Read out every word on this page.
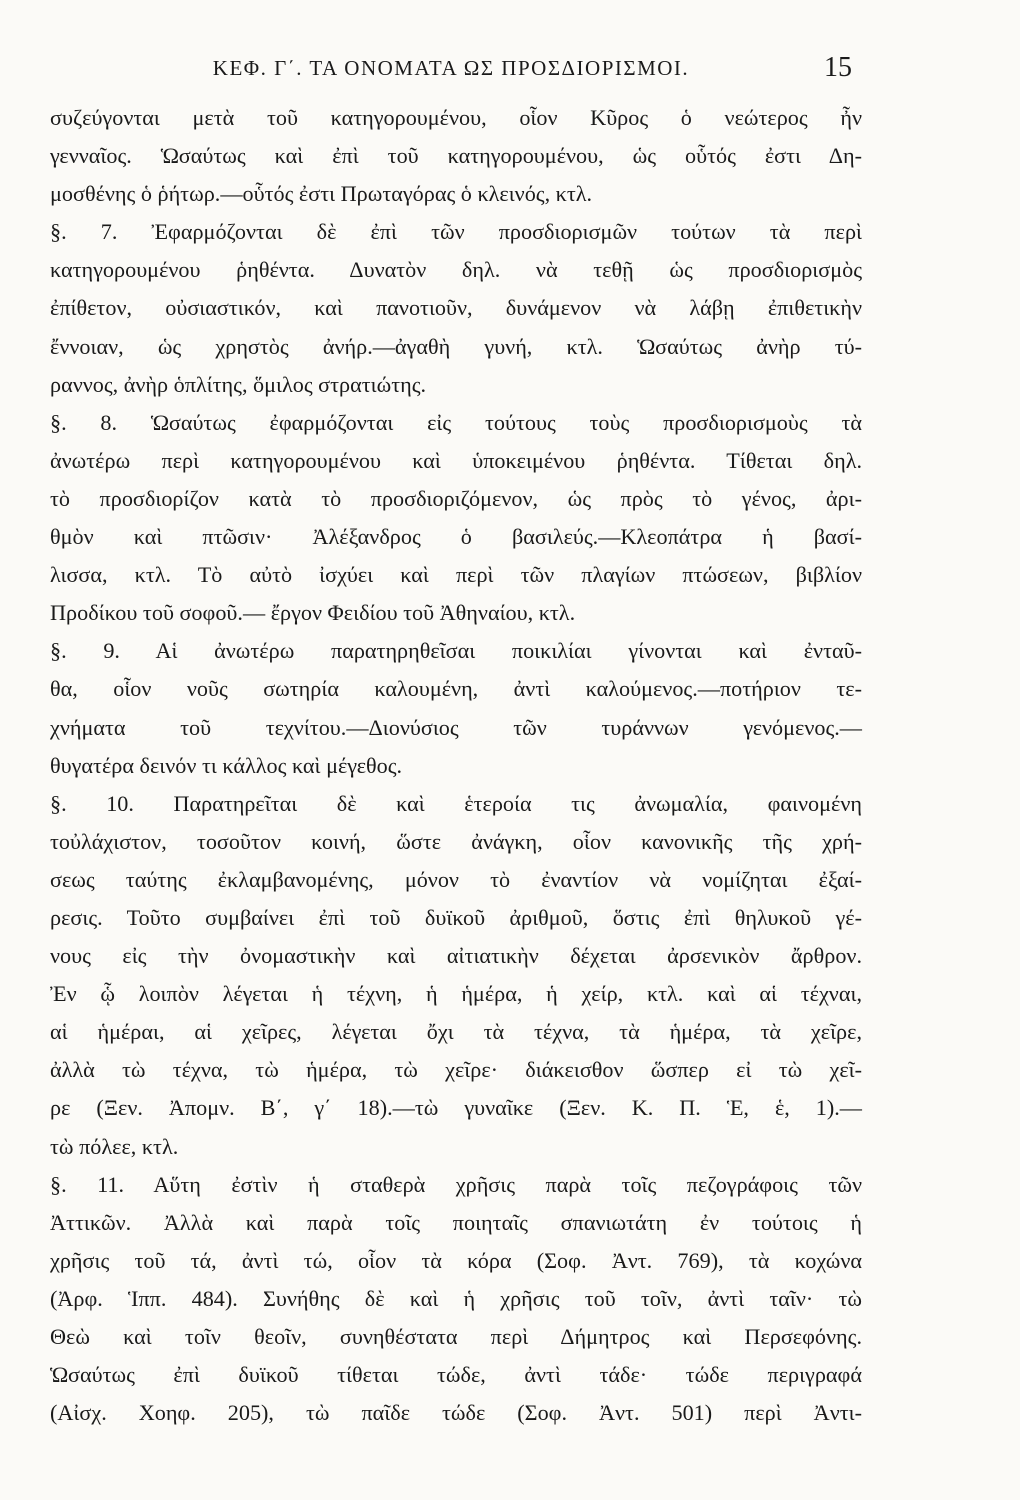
ΚΕΦ. Γ΄. ΤΑ ΟΝΟΜΑΤΑ ΩΣ ΠΡΟΣΔΙΟΡΙΣΜΟΙ.	15
συζεύγονται μετὰ τοῦ κατηγορουμένου, οἷον Κῦρος ὁ νεώτερος ἦν
γενναῖος. Ὡσαύτως καὶ ἐπὶ τοῦ κατηγορουμένου, ὡς οὗτός ἐστι Δη-
μοσθένης ὁ ῥήτωρ.—οὗτός ἐστι Πρωταγόρας ὁ κλεινός, κτλ.
§. 7. Ἐφαρμόζονται δὲ ἐπὶ τῶν προσδιορισμῶν τούτων τὰ περὶ
κατηγορουμένου ῥηθέντα. Δυνατὸν δηλ. νὰ τεθῇ ὡς προσδιορισμὸς
ἐπίθετον, οὐσιαστικόν, καὶ πανοτιοῦν, δυνάμενον νὰ λάβῃ ἐπιθετικὴν
ἔννοιαν, ὡς χρηστὸς ἀνήρ.—ἀγαθὴ γυνή, κτλ. Ὡσαύτως ἀνὴρ τύ-
ραννος, ἀνὴρ ὁπλίτης, ὅμιλος στρατιώτης.
§. 8. Ὡσαύτως ἐφαρμόζονται εἰς τούτους τοὺς προσδιορισμοὺς τὰ
ἀνωτέρω περὶ κατηγορουμένου καὶ ὑποκειμένου ῥηθέντα. Τίθεται δηλ.
τὸ προσδιορίζον κατὰ τὸ προσδιοριζόμενον, ὡς πρὸς τὸ γένος, ἀρι-
θμὸν καὶ πτῶσιν· Ἀλέξανδρος ὁ βασιλεύς.—Κλεοπάτρα ἡ βασί-
λισσα, κτλ. Τὸ αὐτὸ ἰσχύει καὶ περὶ τῶν πλαγίων πτώσεων, βιβλίον
Προδίκου τοῦ σοφοῦ.— ἔργον Φειδίου τοῦ Ἀθηναίου, κτλ.
§. 9. Αἱ ἀνωτέρω παρατηρηθεῖσαι ποικιλίαι γίνονται καὶ ἐνταῦ-
θα, οἷον νοῦς σωτηρία καλουμένη, ἀντὶ καλούμενος.—ποτήριον τε-
χνήματα τοῦ τεχνίτου.—Διονύσιος τῶν τυράννων γενόμενος.—
θυγατέρα δεινόν τι κάλλος καὶ μέγεθος.
§. 10. Παρατηρεῖται δὲ καὶ ἑτεροία τις ἀνωμαλία, φαινομένη
τοὐλάχιστον, τοσοῦτον κοινή, ὥστε ἀνάγκη, οἷον κανονικῆς τῆς χρή-
σεως ταύτης ἐκλαμβανομένης, μόνον τὸ ἐναντίον νὰ νομίζηται ἐξαί-
ρεσις. Τοῦτο συμβαίνει ἐπὶ τοῦ δυϊκοῦ ἀριθμοῦ, ὅστις ἐπὶ θηλυκοῦ γέ-
νους εἰς τὴν ὀνομαστικὴν καὶ αἰτιατικὴν δέχεται ἀρσενικὸν ἄρθρον.
Ἐν ᾧ λοιπὸν λέγεται ἡ τέχνη, ἡ ἡμέρα, ἡ χείρ, κτλ. καὶ αἱ τέχναι,
αἱ ἡμέραι, αἱ χεῖρες, λέγεται ὄχι τὰ τέχνα, τὰ ἡμέρα, τὰ χεῖρε,
ἀλλὰ τὼ τέχνα, τὼ ἡμέρα, τὼ χεῖρε· διάκεισθον ὥσπερ εἰ τὼ χεῖ-
ρε (Ξεν. Ἀπομν. Β΄, γ΄ 18).—τὼ γυναῖκε (Ξεν. Κ. Π. Ἑ, ἑ, 1).—
τὼ πόλεε, κτλ.
§. 11. Αὕτη ἐστὶν ἡ σταθερὰ χρῆσις παρὰ τοῖς πεζογράφοις τῶν
Ἀττικῶν. Ἀλλὰ καὶ παρὰ τοῖς ποιηταῖς σπανιωτάτη ἐν τούτοις ἡ
χρῆσις τοῦ τά, ἀντὶ τώ, οἷον τὰ κόρα (Σοφ. Ἀντ. 769), τὰ κοχώνα
(Ἀρφ. Ἱππ. 484). Συνήθης δὲ καὶ ἡ χρῆσις τοῦ τοῖν, ἀντὶ ταῖν· τὼ
Θεὼ καὶ τοῖν θεοῖν, συνηθέστατα περὶ Δήμητρος καὶ Περσεφόνης.
Ὡσαύτως ἐπὶ δυϊκοῦ τίθεται τώδε, ἀντὶ τάδε· τώδε περιγραφά
(Αἰσχ. Χοηφ. 205), τὼ παῖδε τώδε (Σοφ. Ἀντ. 501) περὶ Ἀντι-
